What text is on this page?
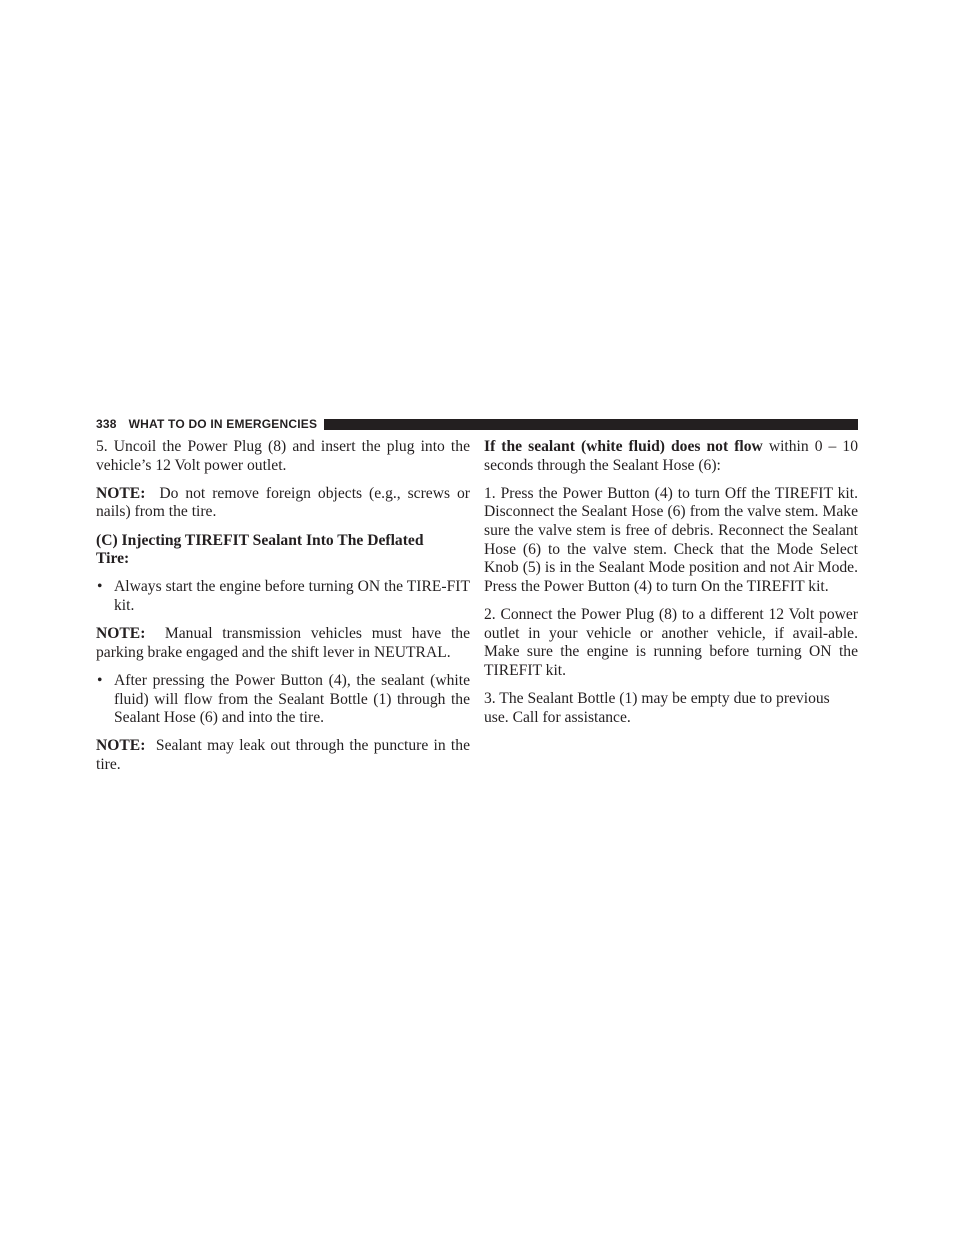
338 WHAT TO DO IN EMERGENCIES

5. Uncoil the Power Plug (8) and insert the plug into the vehicle’s 12 Volt power outlet.

NOTE: Do not remove foreign objects (e.g., screws or nails) from the tire.

(C) Injecting TIREFIT Sealant Into The Deflated Tire:
• Always start the engine before turning ON the TIRE-FIT kit.

NOTE: Manual transmission vehicles must have the parking brake engaged and the shift lever in NEUTRAL.

• After pressing the Power Button (4), the sealant (white fluid) will flow from the Sealant Bottle (1) through the Sealant Hose (6) and into the tire.

NOTE: Sealant may leak out through the puncture in the tire.

If the sealant (white fluid) does not flow within 0 – 10 seconds through the Sealant Hose (6):

1. Press the Power Button (4) to turn Off the TIREFIT kit. Disconnect the Sealant Hose (6) from the valve stem. Make sure the valve stem is free of debris. Reconnect the Sealant Hose (6) to the valve stem. Check that the Mode Select Knob (5) is in the Sealant Mode position and not Air Mode. Press the Power Button (4) to turn On the TIREFIT kit.

2. Connect the Power Plug (8) to a different 12 Volt power outlet in your vehicle or another vehicle, if avail-able. Make sure the engine is running before turning ON the TIREFIT kit.

3. The Sealant Bottle (1) may be empty due to previous use. Call for assistance.
